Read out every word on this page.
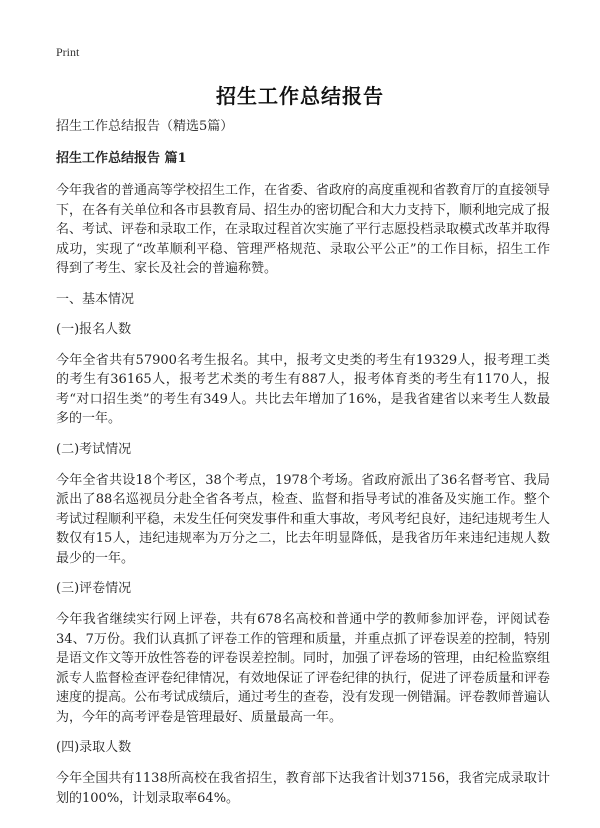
Print
招生工作总结报告

招生工作总结报告（精选5篇）

招生工作总结报告 篇1

今年我省的普通高等学校招生工作，在省委、省政府的高度重视和省教育厅的直接领导下，在各有关单位和各市县教育局、招生办的密切配合和大力支持下，顺利地完成了报名、考试、评卷和录取工作，在录取过程首次实施了平行志愿投档录取模式改革并取得成功，实现了“改革顺利平稳、管理严格规范、录取公平公正”的工作目标，招生工作得到了考生、家长及社会的普遍称赞。

一、基本情况

(一)报名人数

今年全省共有57900名考生报名。其中，报考文史类的考生有19329人，报考理工类的考生有36165人，报考艺术类的考生有887人，报考体育类的考生有1170人，报考“对口招生类”的考生有349人。共比去年增加了16%，是我省建省以来考生人数最多的一年。

(二)考试情况

今年全省共设18个考区，38个考点，1978个考场。省政府派出了36名督考官、我局派出了88名巡视员分赴全省各考点，检查、监督和指导考试的准备及实施工作。整个考试过程顺利平稳，未发生任何突发事件和重大事故，考风考纪良好，违纪违规考生人数仅有15人，违纪违规率为万分之二，比去年明显降低，是我省历年来违纪违规人数最少的一年。

(三)评卷情况

今年我省继续实行网上评卷，共有678名高校和普通中学的教师参加评卷，评阅试卷34、7万份。我们认真抓了评卷工作的管理和质量，并重点抓了评卷误差的控制，特别是语文作文等开放性答卷的评卷误差控制。同时，加强了评卷场的管理，由纪检监察组派专人监督检查评卷纪律情况，有效地保证了评卷纪律的执行，促进了评卷质量和评卷速度的提高。公布考试成绩后，通过考生的查卷，没有发现一例错漏。评卷教师普遍认为，今年的高考评卷是管理最好、质量最高一年。

(四)录取人数

今年全国共有1138所高校在我省招生，教育部下达我省计划37156，我省完成录取计划的100%，计划录取率64%。
